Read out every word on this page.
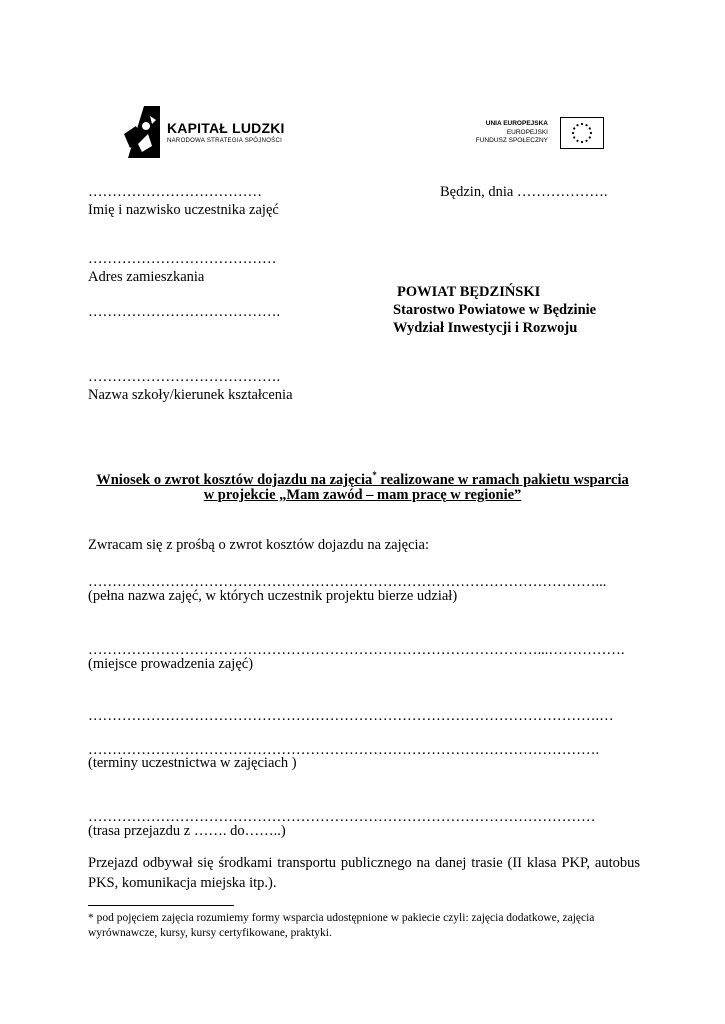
KAPITAŁ LUDZKI
NARODOWA STRATEGIA SPÓJNOŚCI
UNIA EUROPEJSKA
EUROPEJSKI
FUNDUSZ SPOŁECZNY
………………………………
Imię i nazwisko uczestnika zajęć
Będzin, dnia ……………….
…………………………………
Adres zamieszkania
………………………………….
………………………………….
Nazwa szkoły/kierunek kształcenia
POWIAT BĘDZIŃSKI
Starostwo Powiatowe w Będzinie
Wydział Inwestycji i Rozwoju
Wniosek o zwrot kosztów dojazdu na zajęcia* realizowane w ramach pakietu wsparcia
w projekcie „Mam zawód – mam pracę w regionie”
Zwracam się z prośbą o zwrot kosztów dojazdu na zajęcia:
……………………………………………………………………………………………...
(pełna nazwa zajęć, w których uczestnik projektu bierze udział)
…………………………………………………………………………………...…………….
(miejsce prowadzenia zajęć)
…………………………………………………………………………………………….…
…………………………………………………………………………………………….
(terminy uczestnictwa w zajęciach )
……………………………………………………………………………………………
(trasa przejazdu z ……. do……..)
Przejazd odbywał się środkami transportu publicznego na danej trasie (II klasa PKP, autobus PKS, komunikacja miejska itp.).
* pod pojęciem zajęcia rozumiemy formy wsparcia udostępnione w pakiecie czyli: zajęcia dodatkowe, zajęcia wyrównawcze, kursy, kursy certyfikowane, praktyki.
